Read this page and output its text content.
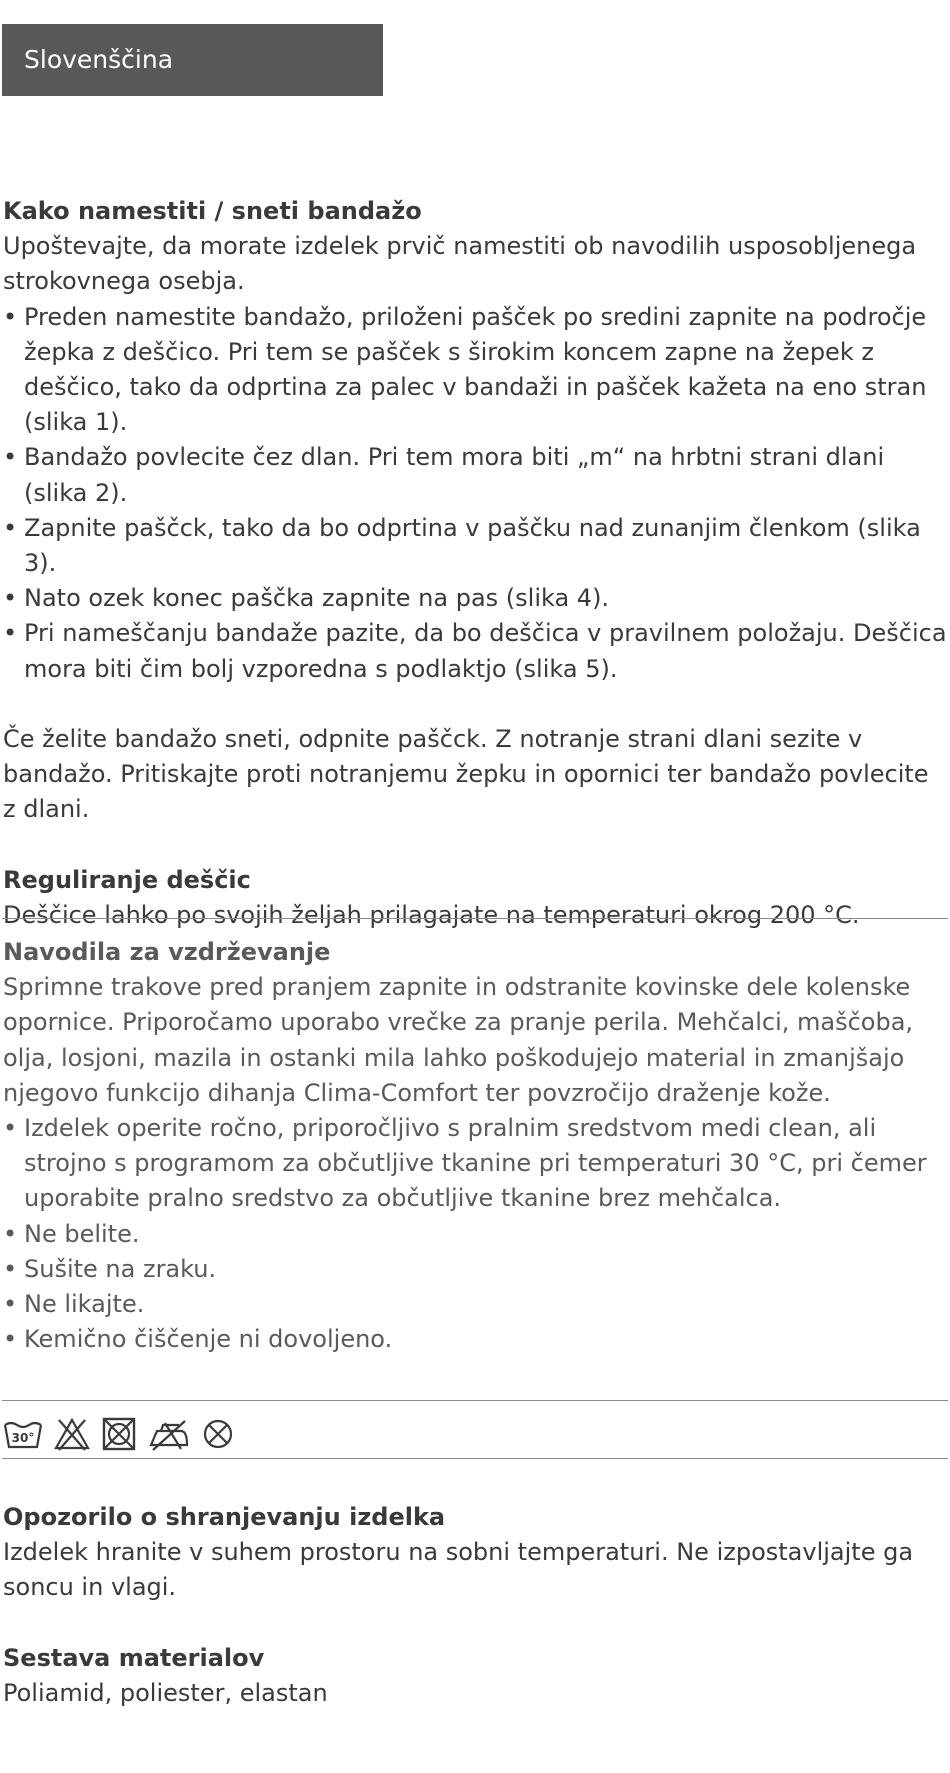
Slovenščina
Kako namestiti / sneti bandažo

Upoštevajte, da morate izdelek prvič namestiti ob navodilih usposobljenega strokovnega osebja.

• Preden namestite bandažo, priloženi pašček po sredini zapnite na področje žepka z deščico. Pri tem se pašček s širokim koncem zapne na žepek z deščico, tako da odprtina za palec v bandaži in pašček kažeta na eno stran (slika 1).
• Bandažo povlecite čez dlan. Pri tem mora biti „m“ na hrbtni strani dlani (slika 2).
• Zapnite paščck, tako da bo odprtina v paščku nad zunanjim členkom (slika 3).
• Nato ozek konec paščka zapnite na pas (slika 4).
• Pri nameščanju bandaže pazite, da bo deščica v pravilnem položaju. Deščica mora biti čim bolj vzporedna s podlaktjo (slika 5).

Če želite bandažo sneti, odpnite paščck. Z notranje strani dlani sezite v bandažo. Pritiskajte proti notranjemu žepku in opornici ter bandažo povlecite z dlani.

Reguliranje deščic

Deščice lahko po svojih željah prilagajate na temperaturi okrog 200 °C.

Navodila za vzdrževanje

Sprimne trakove pred pranjem zapnite in odstranite kovinske dele kolenske opornice. Priporočamo uporabo vrečke za pranje perila. Mehčalci, maščoba, olja, losjoni, mazila in ostanki mila lahko poškodujejo material in zmanjšajo njegovo funkcijo dihanja Clima-Comfort ter povzročijo draženje kože.

• Izdelek operite ročno, priporočljivo s pralnim sredstvom medi clean, ali strojno s programom za občutljive tkanine pri temperaturi 30 °C, pri čemer uporabite pralno sredstvo za občutljive tkanine brez mehčalca.
• Ne belite.
• Sušite na zraku.
• Ne likajte.
• Kemično čiščenje ni dovoljeno.
30°
Opozorilo o shranjevanju izdelka

Izdelek hranite v suhem prostoru na sobni temperaturi. Ne izpostavljajte ga soncu in vlagi.

Sestava materialov

Poliamid, poliester, elastan
